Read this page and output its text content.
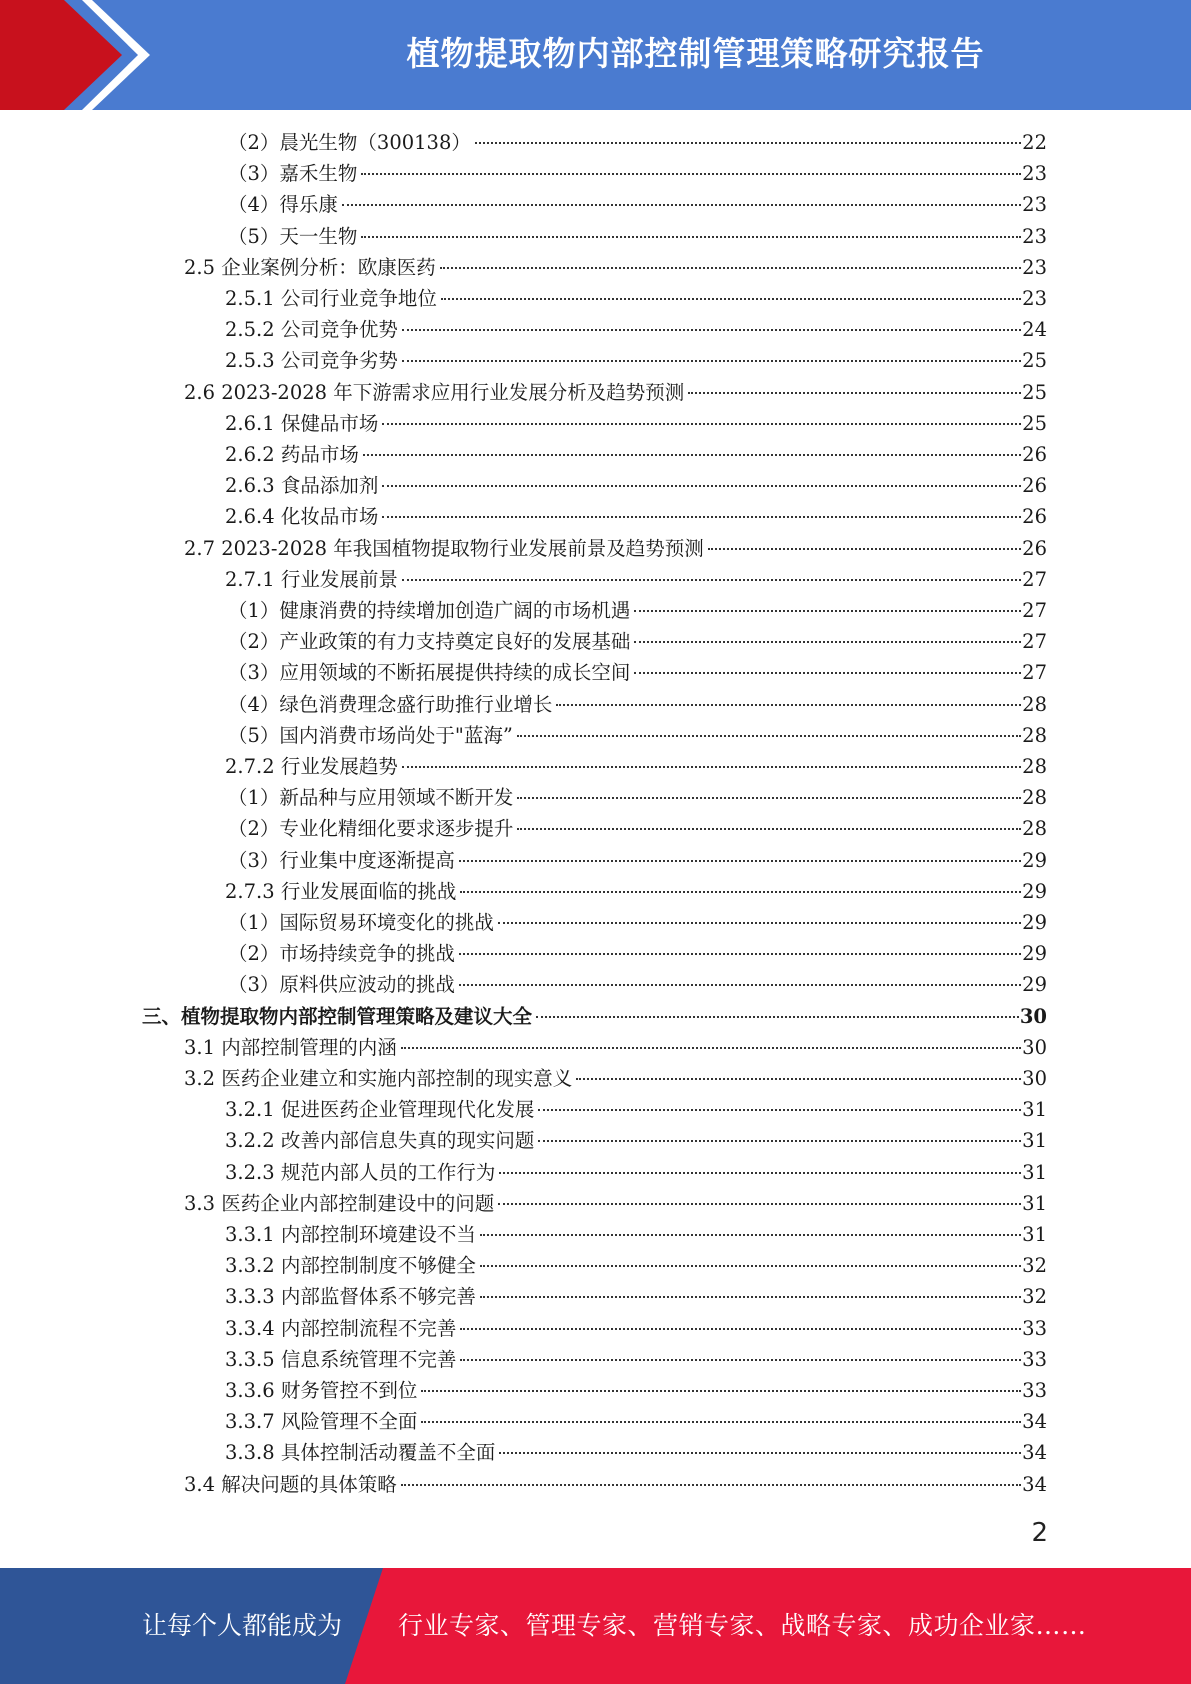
植物提取物内部控制管理策略研究报告
（2）晨光生物（300138）	22
（3）嘉禾生物	23
（4）得乐康	23
（5）天一生物	23
2.5 企业案例分析：欧康医药	23
2.5.1 公司行业竞争地位	23
2.5.2 公司竞争优势	24
2.5.3 公司竞争劣势	25
2.6 2023-2028 年下游需求应用行业发展分析及趋势预测	25
2.6.1 保健品市场	25
2.6.2 药品市场	26
2.6.3 食品添加剂	26
2.6.4 化妆品市场	26
2.7 2023-2028 年我国植物提取物行业发展前景及趋势预测	26
2.7.1 行业发展前景	27
（1）健康消费的持续增加创造广阔的市场机遇	27
（2）产业政策的有力支持奠定良好的发展基础	27
（3）应用领域的不断拓展提供持续的成长空间	27
（4）绿色消费理念盛行助推行业增长	28
（5）国内消费市场尚处于"蓝海”	28
2.7.2 行业发展趋势	28
（1）新品种与应用领域不断开发	28
（2）专业化精细化要求逐步提升	28
（3）行业集中度逐渐提高	29
2.7.3 行业发展面临的挑战	29
（1）国际贸易环境变化的挑战	29
（2）市场持续竞争的挑战	29
（3）原料供应波动的挑战	29
三、植物提取物内部控制管理策略及建议大全	30
3.1 内部控制管理的内涵	30
3.2 医药企业建立和实施内部控制的现实意义	30
3.2.1 促进医药企业管理现代化发展	31
3.2.2 改善内部信息失真的现实问题	31
3.2.3 规范内部人员的工作行为	31
3.3 医药企业内部控制建设中的问题	31
3.3.1 内部控制环境建设不当	31
3.3.2 内部控制制度不够健全	32
3.3.3 内部监督体系不够完善	32
3.3.4 内部控制流程不完善	33
3.3.5 信息系统管理不完善	33
3.3.6 财务管控不到位	33
3.3.7 风险管理不全面	34
3.3.8 具体控制活动覆盖不全面	34
3.4 解决问题的具体策略	34
2
让每个人都能成为 行业专家、管理专家、营销专家、战略专家、成功企业家……
